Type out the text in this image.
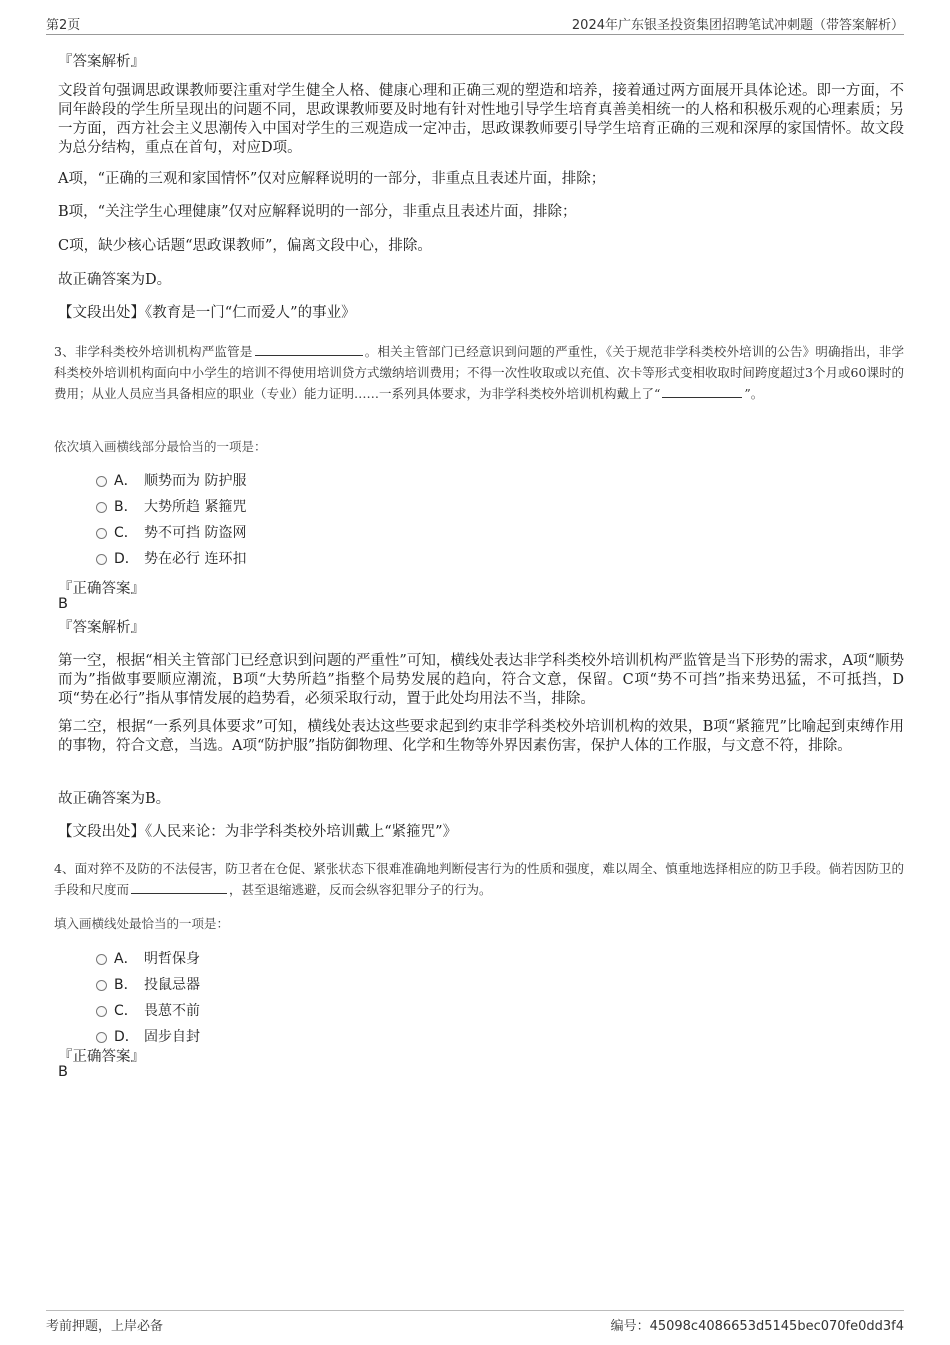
第2页	2024年广东银圣投资集团招聘笔试冲刺题（带答案解析）
『答案解析』
文段首句强调思政课教师要注重对学生健全人格、健康心理和正确三观的塑造和培养，接着通过两方面展开具体论述。即一方面，不同年龄段的学生所呈现出的问题不同，思政课教师要及时地有针对性地引导学生培育真善美相统一的人格和积极乐观的心理素质；另一方面，西方社会主义思潮传入中国对学生的三观造成一定冲击，思政课教师要引导学生培育正确的三观和深厚的家国情怀。故文段为总分结构，重点在首句，对应D项。
A项，“正确的三观和家国情怀”仅对应解释说明的一部分，非重点且表述片面，排除；
B项，“关注学生心理健康”仅对应解释说明的一部分，非重点且表述片面，排除；
C项，缺少核心话题“思政课教师”，偏离文段中心，排除。
故正确答案为D。
【文段出处】《教育是一门“仁而爱人”的事业》
3、非学科类校外培训机构严监管是	。相关主管部门已经意识到问题的严重性，《关于规范非学科类校外培训的公告》明确指出，非学科类校外培训机构面向中小学生的培训不得使用培训贷方式缴纳培训费用；不得一次性收取或以充值、次卡等形式变相收取时间跨度超过3个月或60课时的费用；从业人员应当具备相应的职业（专业）能力证明……一系列具体要求，为非学科类校外培训机构戴上了“	”。
依次填入画横线部分最恰当的一项是：
A． 顺势而为 防护服
B． 大势所趋 紧箍咒
C． 势不可挡 防盗网
D． 势在必行 连环扣
『正确答案』
B
『答案解析』
第一空，根据“相关主管部门已经意识到问题的严重性”可知，横线处表达非学科类校外培训机构严监管是当下形势的需求，A项“顺势而为”指做事要顺应潮流，B项“大势所趋”指整个局势发展的趋向，符合文意，保留。C项“势不可挡”指来势迅猛，不可抵挡，D项“势在必行”指从事情发展的趋势看，必须采取行动，置于此处均用法不当，排除。
第二空，根据“一系列具体要求”可知，横线处表达这些要求起到约束非学科类校外培训机构的效果，B项“紧箍咒”比喻起到束缚作用的事物，符合文意，当选。A项“防护服”指防御物理、化学和生物等外界因素伤害，保护人体的工作服，与文意不符，排除。
故正确答案为B。
【文段出处】《人民来论：为非学科类校外培训戴上“紧箍咒”》
4、面对猝不及防的不法侵害，防卫者在仓促、紧张状态下很难准确地判断侵害行为的性质和强度，难以周全、慎重地选择相应的防卫手段。倘若因防卫的手段和尺度而	，甚至退缩逃避，反而会纵容犯罪分子的行为。
填入画横线处最恰当的一项是：
A． 明哲保身
B． 投鼠忌器
C． 畏葸不前
D． 固步自封
『正确答案』
B
考前押题，上岸必备	编号：45098c4086653d5145bec070fe0dd3f4
